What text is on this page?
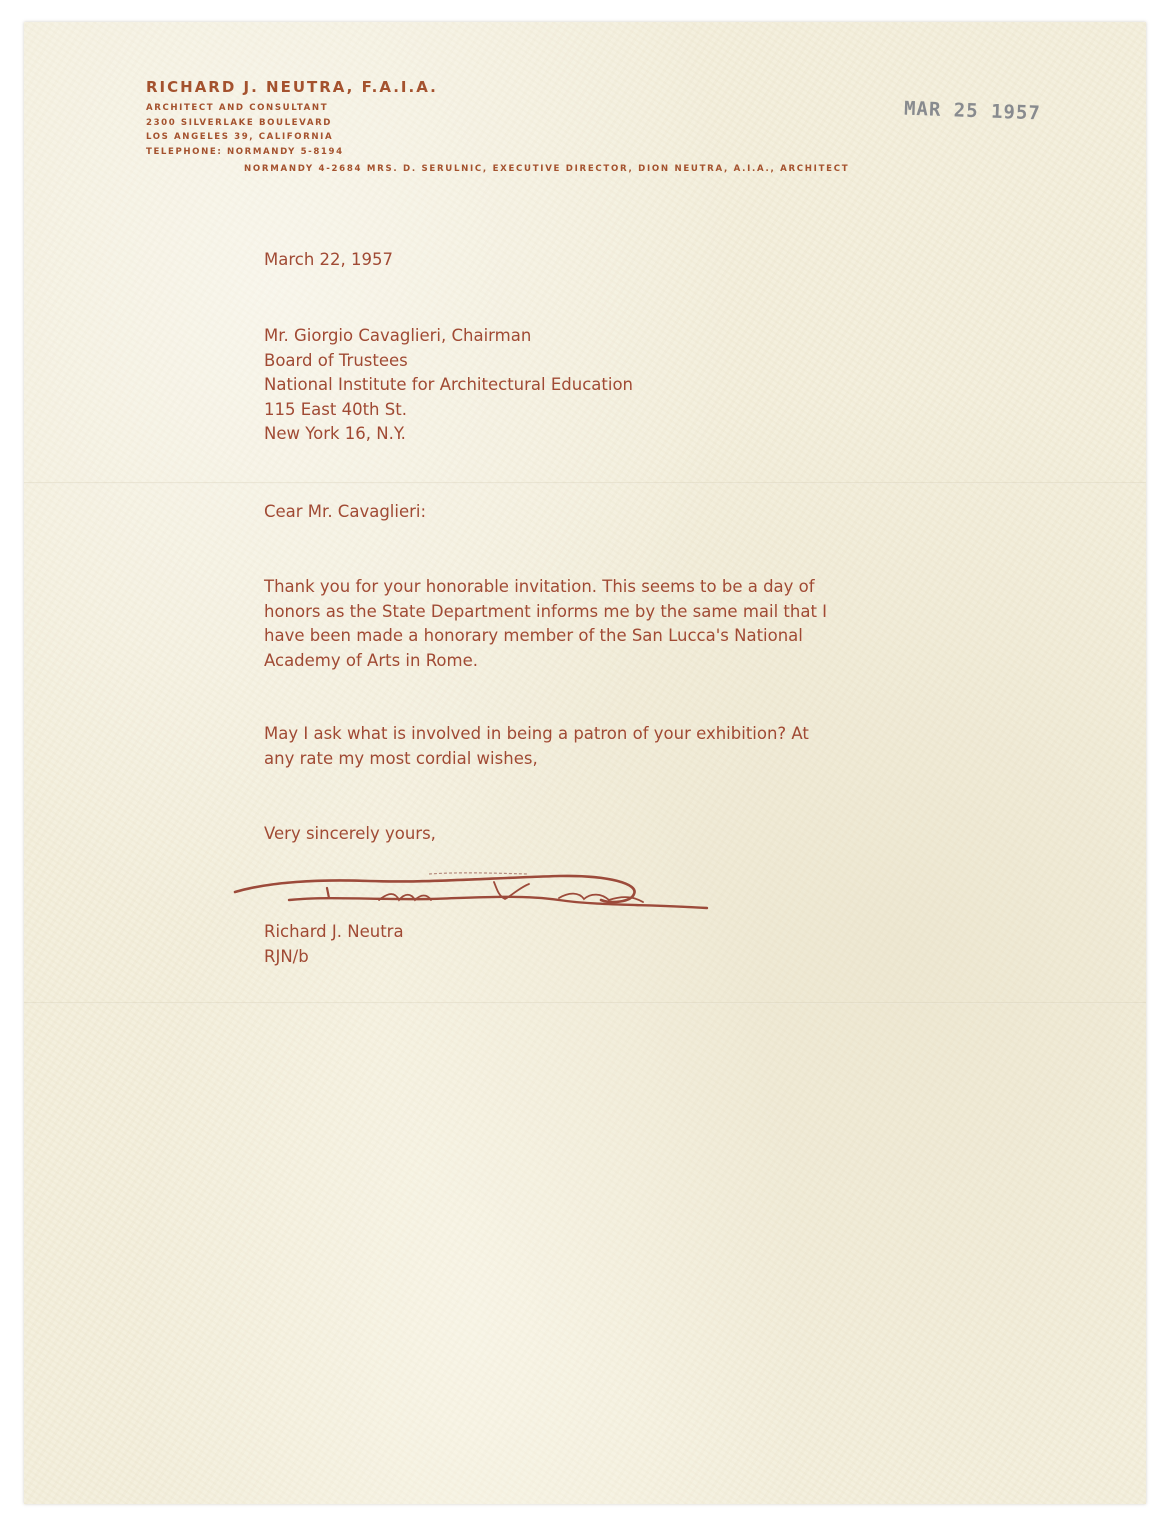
RICHARD J. NEUTRA, F.A.I.A.
ARCHITECT AND CONSULTANT
2300 SILVERLAKE BOULEVARD
LOS ANGELES 39, CALIFORNIA
TELEPHONE: NORMANDY 5-8194
NORMANDY 4-2684 MRS. D. SERULNIC, EXECUTIVE DIRECTOR, DION NEUTRA, A.I.A., ARCHITECT
MAR 25 1957
March 22, 1957
Mr. Giorgio Cavaglieri, Chairman
Board of Trustees
National Institute for Architectural Education
115 East 40th St.
New York 16, N.Y.
Cear Mr. Cavaglieri:
Thank you for your honorable invitation. This seems to be a day of
honors as the State Department informs me by the same mail that I
have been made a honorary member of the San Lucca's National
Academy of Arts in Rome.
May I ask what is involved in being a patron of your exhibition? At
any rate my most cordial wishes,
Very sincerely yours,
Richard J. Neutra
RJN/b
